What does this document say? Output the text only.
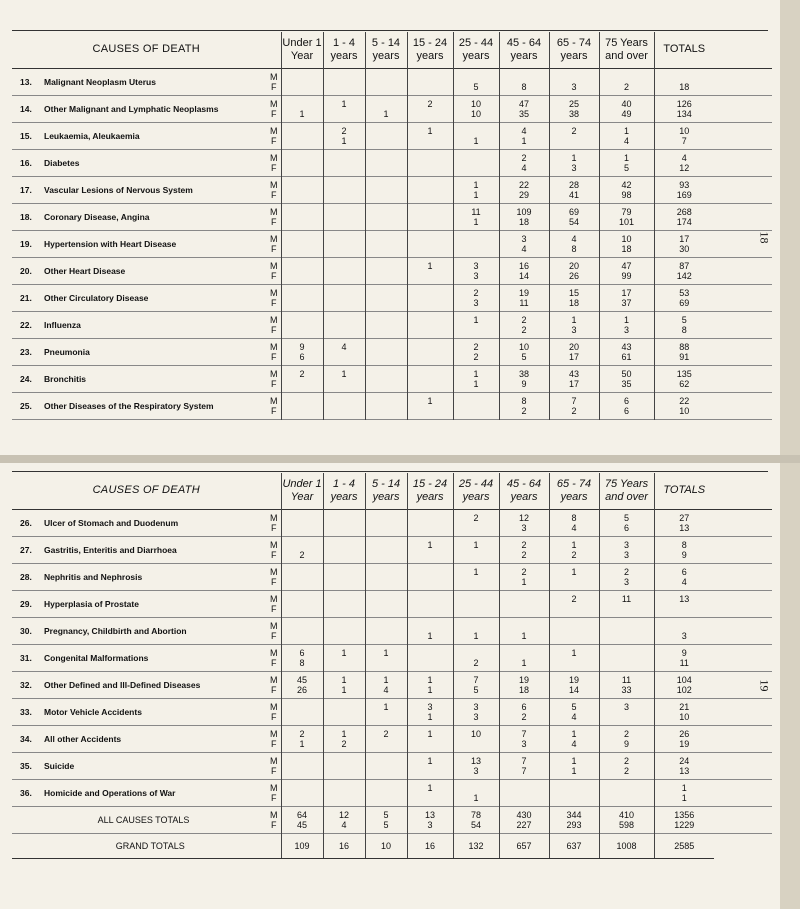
CAUSES OF DEATH		Under 1 Year	1 - 4 years	5 - 14 years	15 - 24 years	25 - 44 years	45 - 64 years	65 - 74 years	75 Years and over	TOTALS
13. Malignant Neoplasm Uterus	M									
	F					5	8	3	2	18
14. Other Malignant and Lymphatic Neoplasms	M		1		2	10	47	25	40	126
	F	1		1		10	35	38	49	134
15. Leukaemia, Aleukaemia	M		2		1		4	2	1	10
	F		1			1	1		4	7
16. Diabetes	M						2	1	1	4
	F						4	3	5	12
17. Vascular Lesions of Nervous System	M					1	22	28	42	93
	F					1	29	41	98	169
18. Coronary Disease, Angina	M					11	109	69	79	268
	F					1	18	54	101	174
19. Hypertension with Heart Disease	M						3	4	10	17
	F						4	8	18	30
20. Other Heart Disease	M				1	3	16	20	47	87
	F					3	14	26	99	142
21. Other Circulatory Disease	M					2	19	15	17	53
	F					3	11	18	37	69
22. Influenza	M					1	2	1	1	5
	F						2	3	3	8
23. Pneumonia	M	9	4			2	10	20	43	88
	F	6				2	5	17	61	91
24. Bronchitis	M	2	1			1	38	43	50	135
	F					1	9	17	35	62
25. Other Diseases of the Respiratory System	M				1		8	7	6	22
	F						2	2	6	10
18
CAUSES OF DEATH		Under 1 Year	1 - 4 years	5 - 14 years	15 - 24 years	25 - 44 years	45 - 64 years	65 - 74 years	75 Years and over	TOTALS
26. Ulcer of Stomach and Duodenum	M					2	12	8	5	27
	F						3	4	6	13
27. Gastritis, Enteritis and Diarrhoea	M				1	1	2	1	3	8
	F	2					2	2	3	9
28. Nephritis and Nephrosis	M					1	2	1	2	6
	F						1		3	4
29. Hyperplasia of Prostate	M							2	11	13
	F									
30. Pregnancy, Childbirth and Abortion	M									
	F				1	1	1			3
31. Congenital Malformations	M	6	1	1				1		9
	F	8				2	1			11
32. Other Defined and Ill-Defined Diseases	M	45	1	1	1	7	19	19	11	104
	F	26	1	4	1	5	18	14	33	102
33. Motor Vehicle Accidents	M			1	3	3	6	5	3	21
	F				1	3	2	4		10
34. All other Accidents	M	2	1	2	1	10	7	1	2	26
	F	1	2				3	4	9	19
35. Suicide	M				1	13	7	1	2	24
	F					3	7	1	2	13
36. Homicide and Operations of War	M				1					1
	F					1				1
ALL CAUSES TOTALS	M	64	12	5	13	78	430	344	410	1356
	F	45	4	5	3	54	227	293	598	1229
GRAND TOTALS		109	16	10	16	132	657	637	1008	2585
19
